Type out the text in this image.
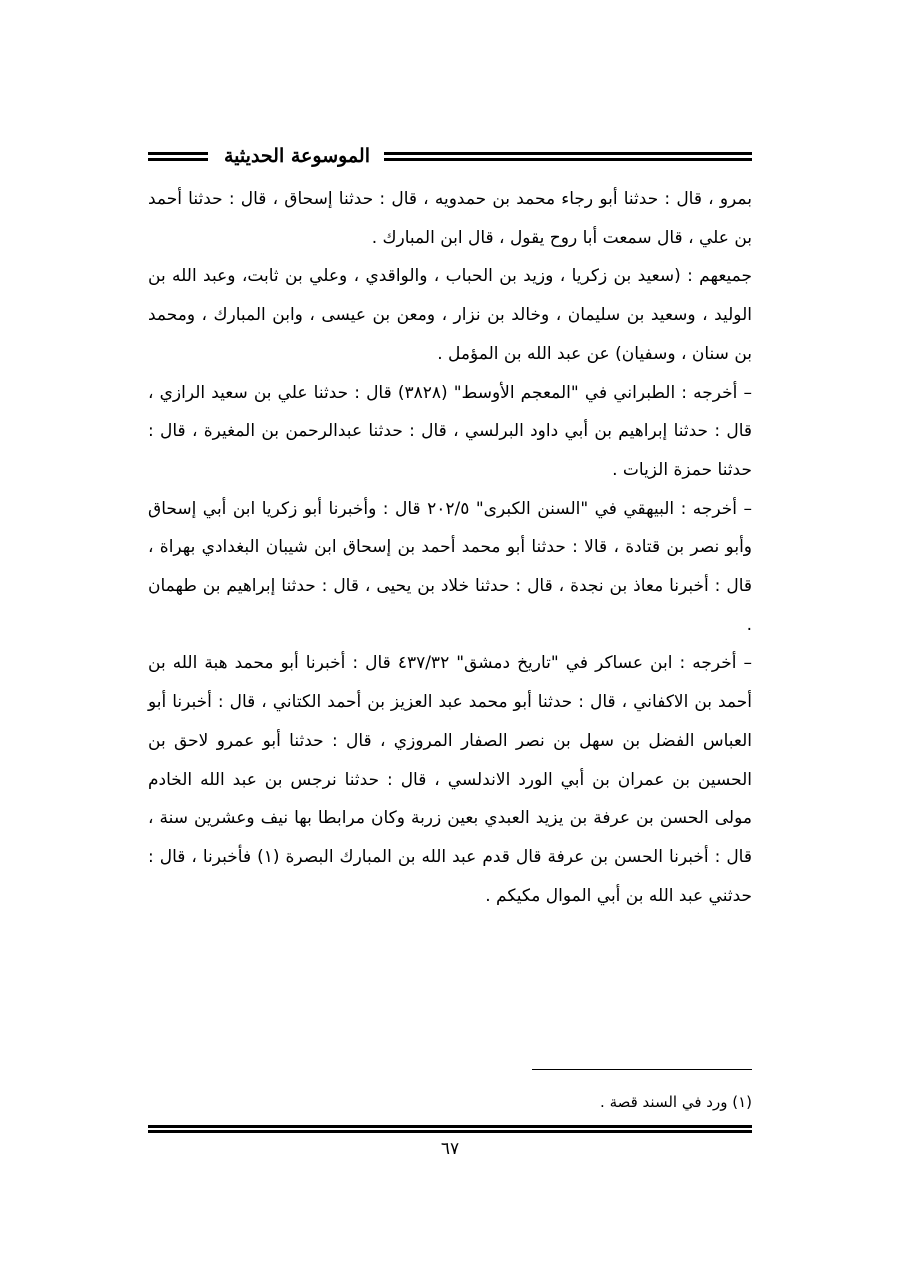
الموسوعة الحديثية

بمرو ، قال : حدثنا أبو رجاء محمد بن حمدويه ، قال : حدثنا إسحاق ، قال : حدثنا أحمد بن علي ، قال سمعت أبا روح يقول ، قال ابن المبارك .

جميعهم : (سعيد بن زكريا ، وزيد بن الحباب ، والواقدي ، وعلي بن ثابت، وعبد الله بن الوليد ، وسعيد بن سليمان ، وخالد بن نزار ، ومعن بن عيسى ، وابن المبارك ، ومحمد بن سنان ، وسفيان) عن عبد الله بن المؤمل .

– أخرجه : الطبراني في "المعجم الأوسط" (٣٨٢٨) قال : حدثنا علي بن سعيد الرازي ، قال : حدثنا إبراهيم بن أبي داود البرلسي ، قال : حدثنا عبدالرحمن بن المغيرة ، قال : حدثنا حمزة الزيات .

– أخرجه : البيهقي في "السنن الكبرى" ٢٠٢/٥ قال : وأخبرنا أبو زكريا ابن أبي إسحاق وأبو نصر بن قتادة ، قالا : حدثنا أبو محمد أحمد بن إسحاق ابن شيبان البغدادي بهراة ، قال : أخبرنا معاذ بن نجدة ، قال : حدثنا خلاد بن يحيى ، قال : حدثنا إبراهيم بن طهمان .

– أخرجه : ابن عساكر في "تاريخ دمشق" ٤٣٧/٣٢ قال : أخبرنا أبو محمد هبة الله بن أحمد بن الاكفاني ، قال : حدثنا أبو محمد عبد العزيز بن أحمد الكتاني ، قال : أخبرنا أبو العباس الفضل بن سهل بن نصر الصفار المروزي ، قال : حدثنا أبو عمرو لاحق بن الحسين بن عمران بن أبي الورد الاندلسي ، قال : حدثنا نرجس بن عبد الله الخادم مولى الحسن بن عرفة بن يزيد العبدي بعين زربة وكان مرابطا بها نيف وعشرين سنة ، قال : أخبرنا الحسن بن عرفة قال قدم عبد الله بن المبارك البصرة (١) فأخبرنا ، قال : حدثني عبد الله بن أبي الموال مكيكم .

(١) ورد في السند قصة .
٦٧
